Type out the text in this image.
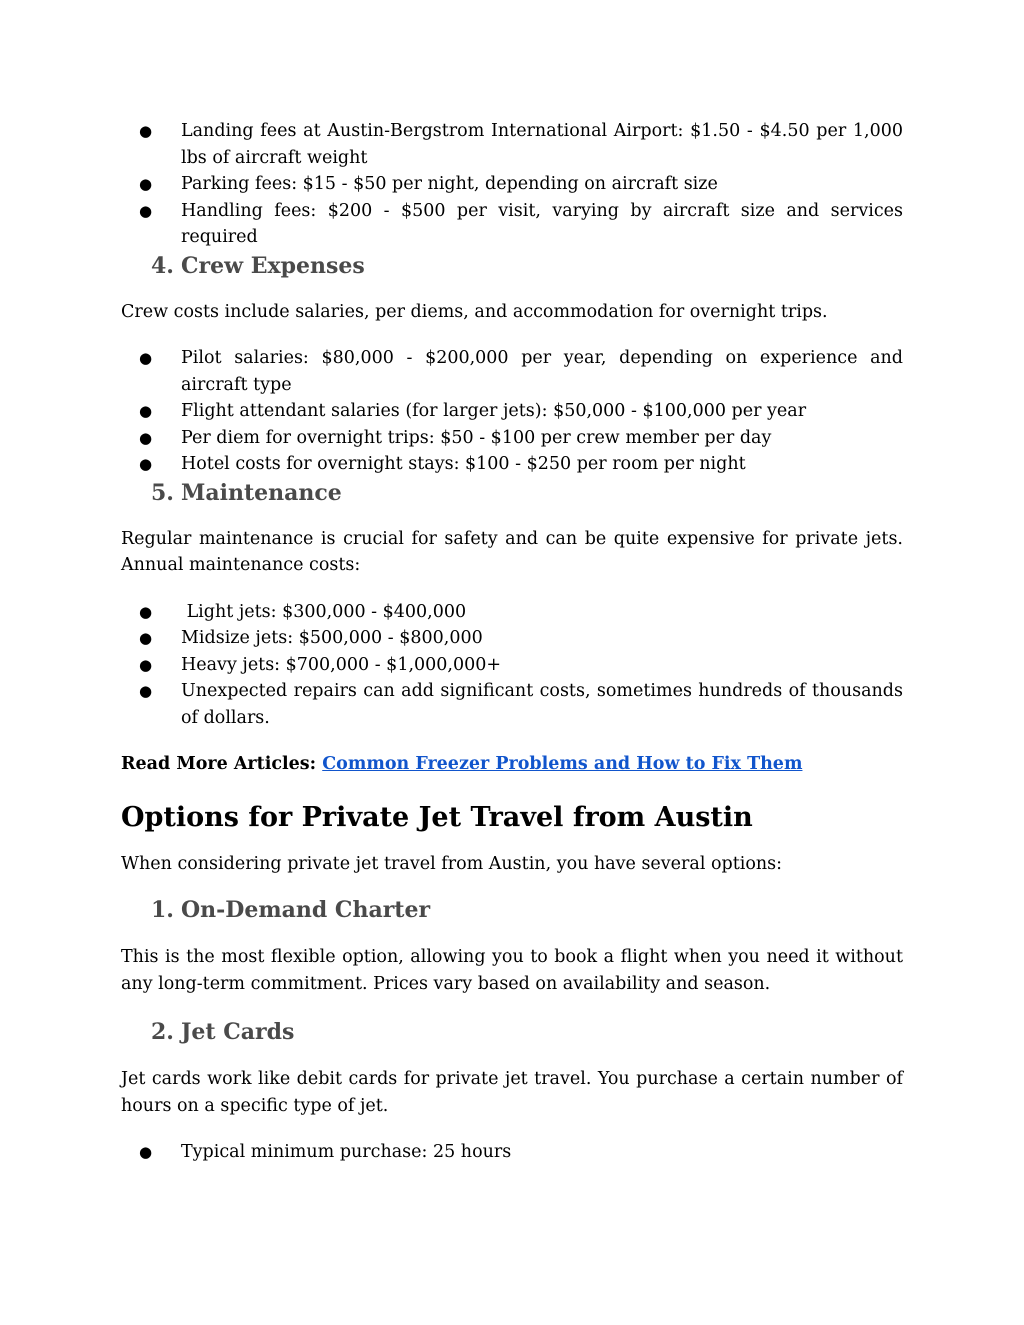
● Landing fees at Austin-Bergstrom International Airport: $1.50 - $4.50 per 1,000 lbs of aircraft weight
● Parking fees: $15 - $50 per night, depending on aircraft size
● Handling fees: $200 - $500 per visit, varying by aircraft size and services required
4. Crew Expenses

Crew costs include salaries, per diems, and accommodation for overnight trips.

● Pilot salaries: $80,000 - $200,000 per year, depending on experience and aircraft type
● Flight attendant salaries (for larger jets): $50,000 - $100,000 per year
● Per diem for overnight trips: $50 - $100 per crew member per day
● Hotel costs for overnight stays: $100 - $250 per room per night
5. Maintenance

Regular maintenance is crucial for safety and can be quite expensive for private jets. Annual maintenance costs:

● Light jets: $300,000 - $400,000
● Midsize jets: $500,000 - $800,000
● Heavy jets: $700,000 - $1,000,000+
● Unexpected repairs can add significant costs, sometimes hundreds of thousands of dollars.
Read More Articles: Common Freezer Problems and How to Fix Them
Options for Private Jet Travel from Austin

When considering private jet travel from Austin, you have several options:

1. On-Demand Charter

This is the most flexible option, allowing you to book a flight when you need it without any long-term commitment. Prices vary based on availability and season.

2. Jet Cards

Jet cards work like debit cards for private jet travel. You purchase a certain number of hours on a specific type of jet.

● Typical minimum purchase: 25 hours
